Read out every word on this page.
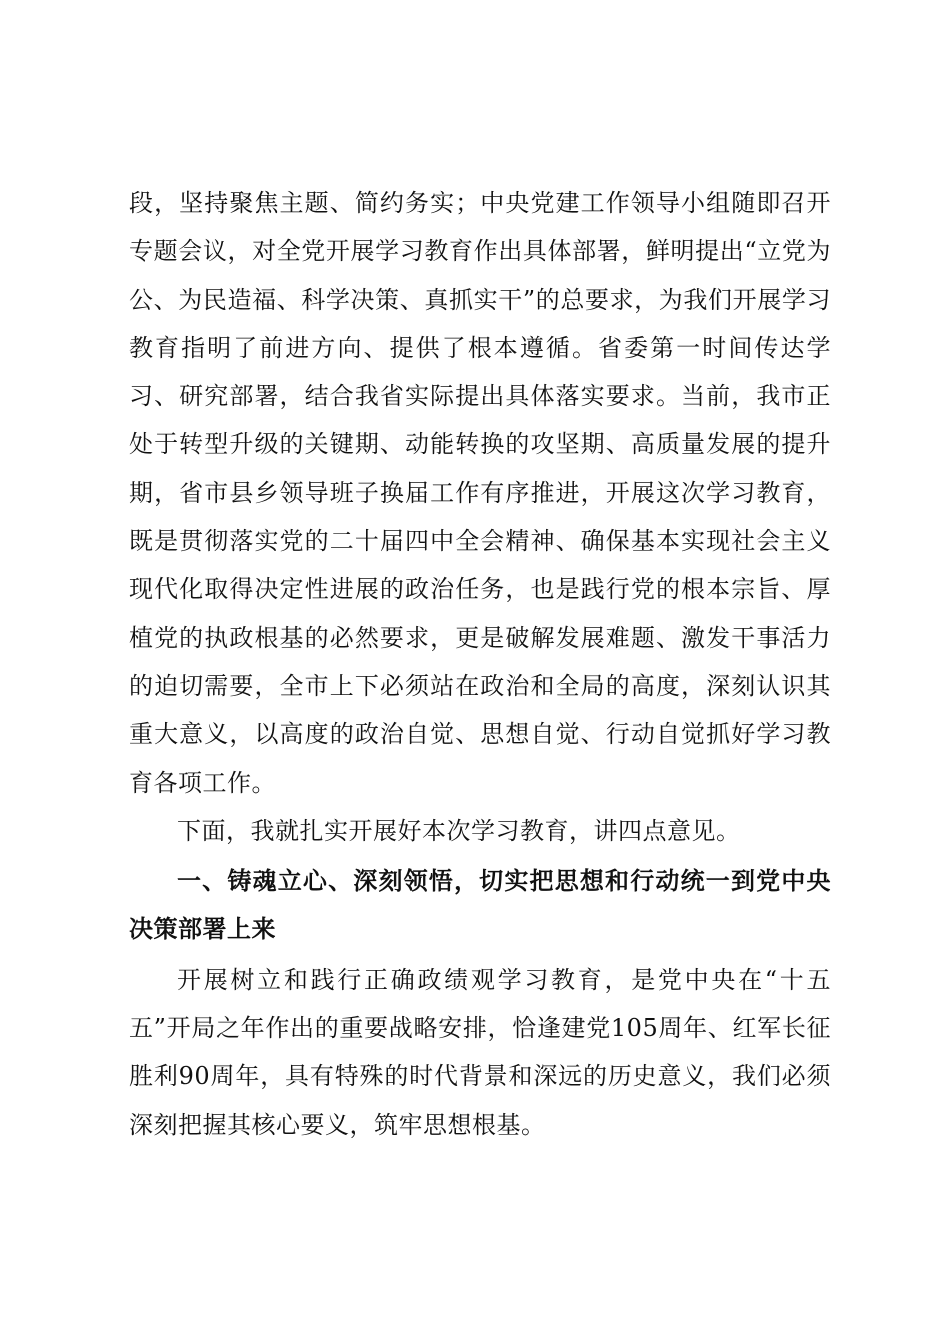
段，坚持聚焦主题、简约务实；中央党建工作领导小组随即召开专题会议，对全党开展学习教育作出具体部署，鲜明提出“立党为公、为民造福、科学决策、真抓实干”的总要求，为我们开展学习教育指明了前进方向、提供了根本遵循。省委第一时间传达学习、研究部署，结合我省实际提出具体落实要求。当前，我市正处于转型升级的关键期、动能转换的攻坚期、高质量发展的提升期，省市县乡领导班子换届工作有序推进，开展这次学习教育，既是贯彻落实党的二十届四中全会精神、确保基本实现社会主义现代化取得决定性进展的政治任务，也是践行党的根本宗旨、厚植党的执政根基的必然要求，更是破解发展难题、激发干事活力的迫切需要，全市上下必须站在政治和全局的高度，深刻认识其重大意义，以高度的政治自觉、思想自觉、行动自觉抓好学习教育各项工作。

下面，我就扎实开展好本次学习教育，讲四点意见。

一、铸魂立心、深刻领悟，切实把思想和行动统一到党中央决策部署上来

开展树立和践行正确政绩观学习教育，是党中央在“十五五”开局之年作出的重要战略安排，恰逢建党105周年、红军长征胜利90周年，具有特殊的时代背景和深远的历史意义，我们必须深刻把握其核心要义，筑牢思想根基。
